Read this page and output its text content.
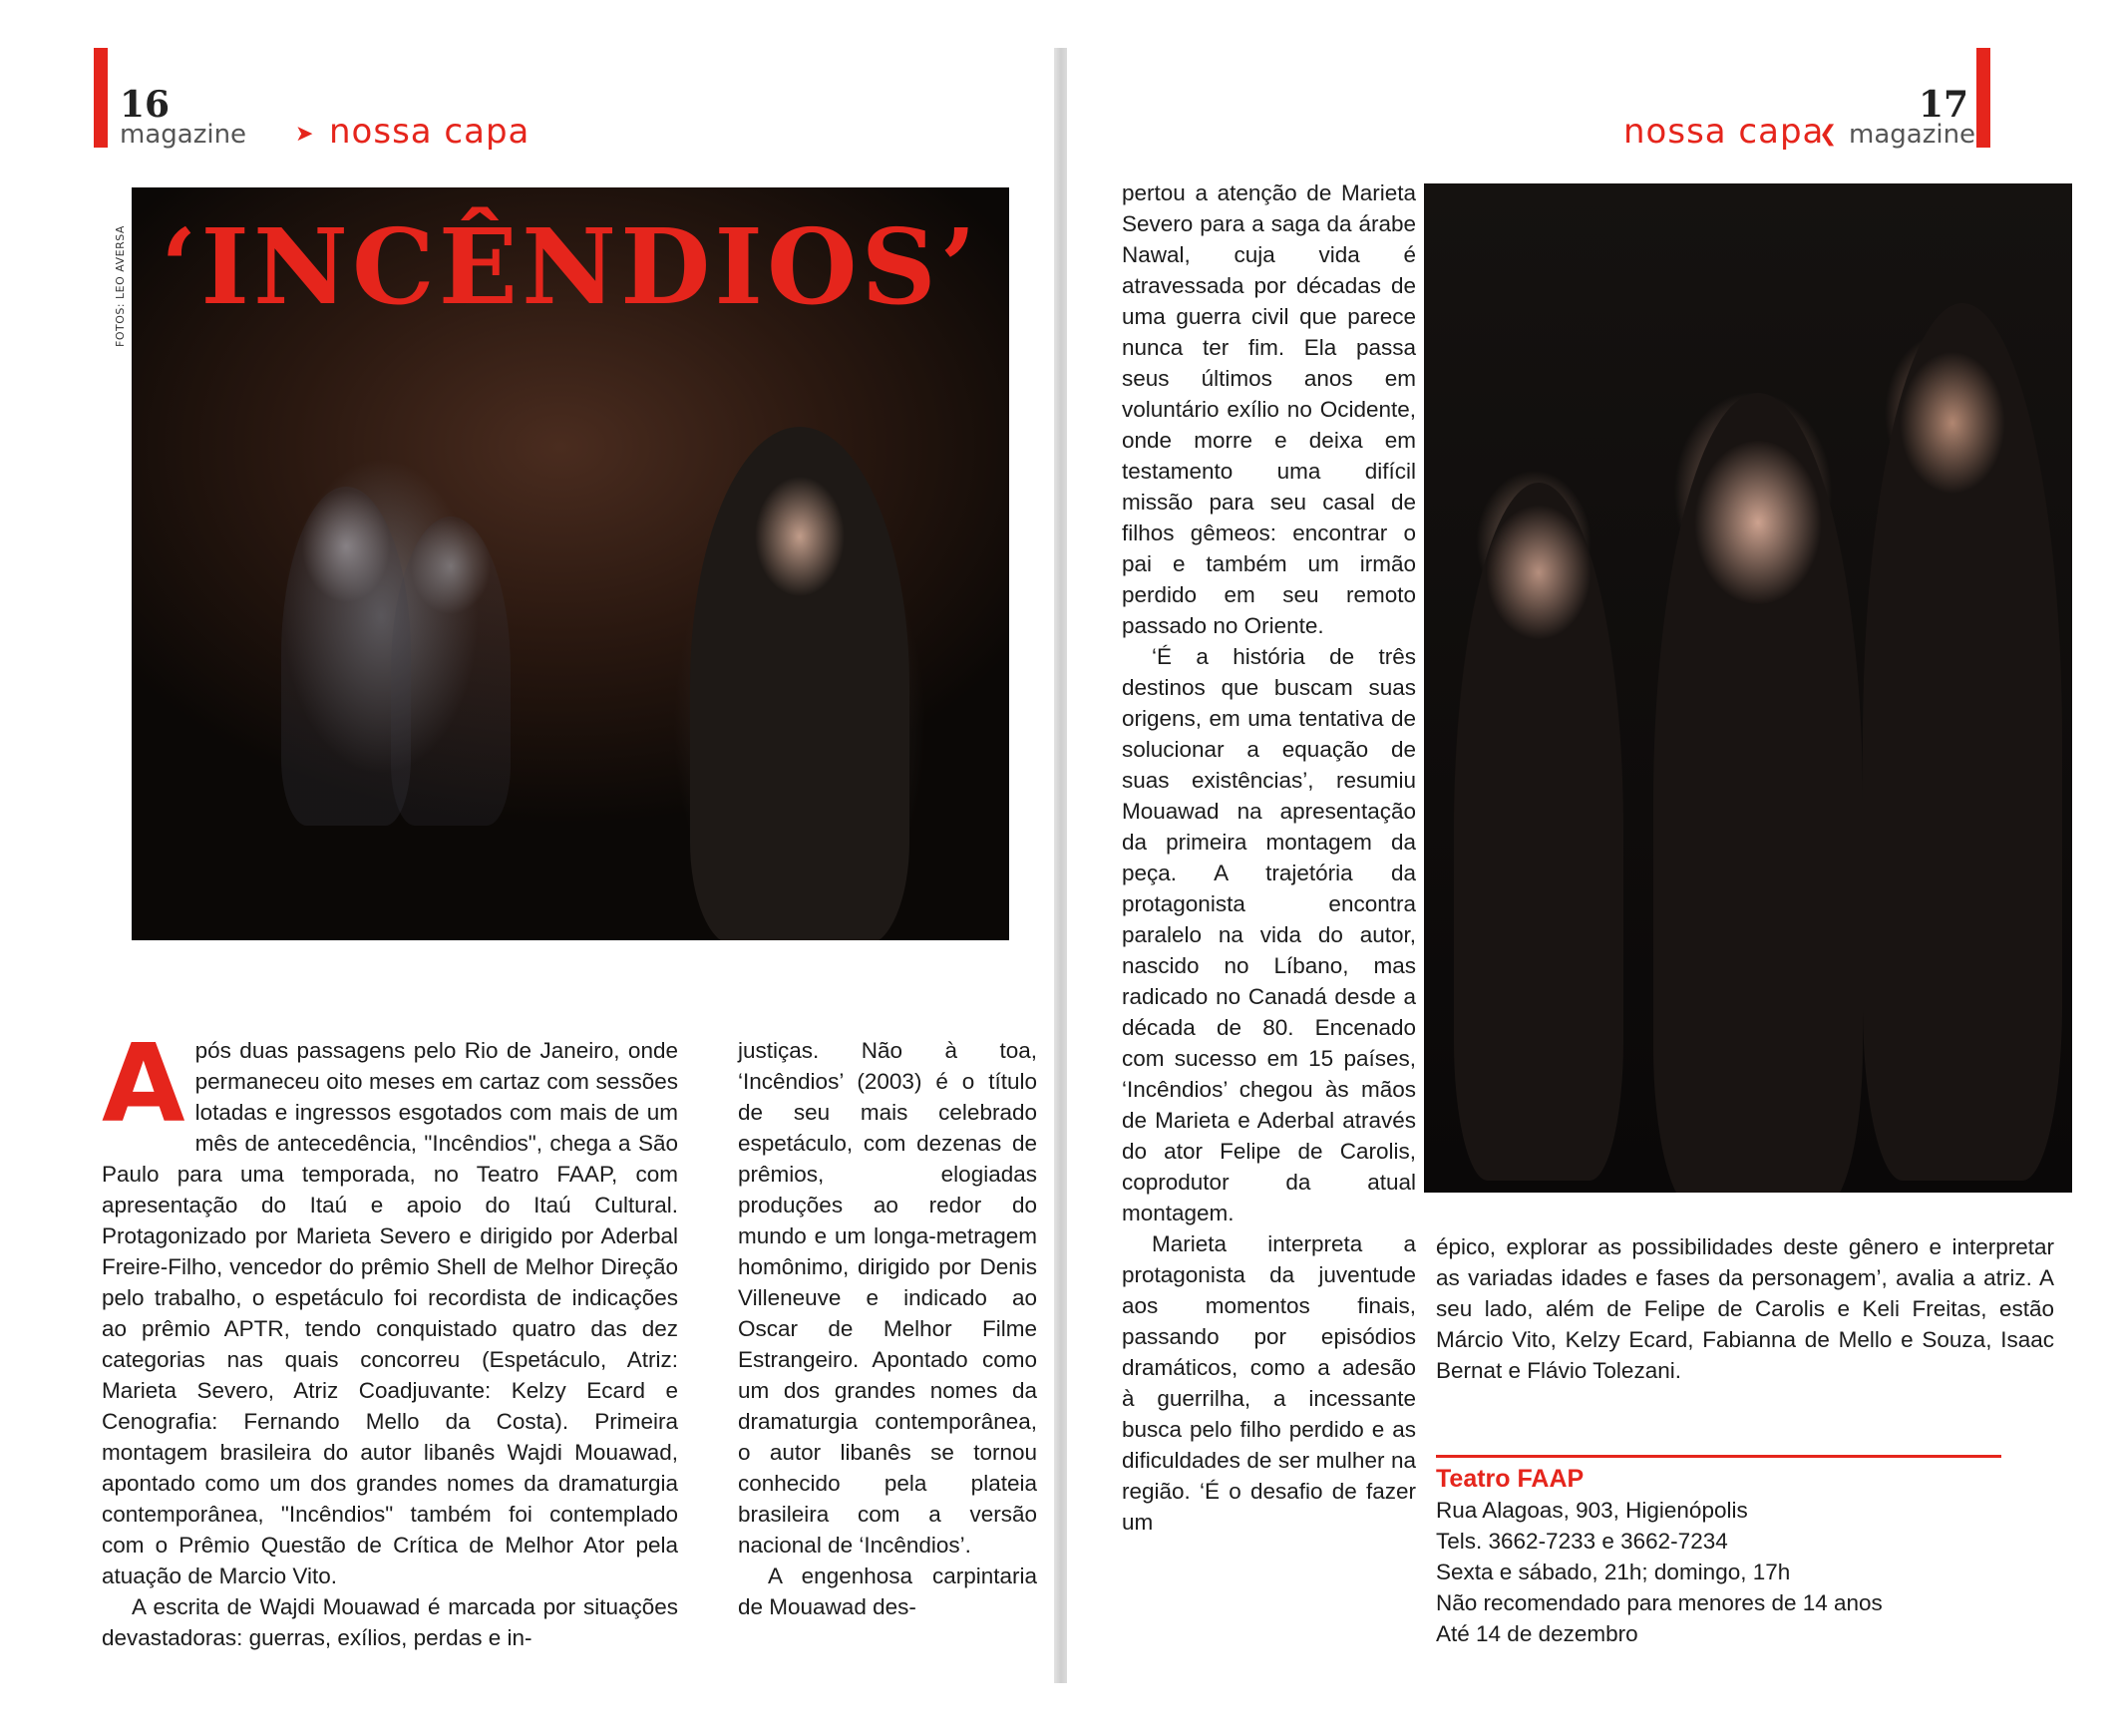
16
magazine ➤ nossa capa
FOTOS: LEO AVERSA ‘INCÊNDIOS’

Após duas passagens pelo Rio de Janeiro, onde permaneceu oito meses em cartaz com sessões lotadas e ingressos esgotados com mais de um mês de antecedência, "Incêndios", chega a São Paulo para uma temporada, no Teatro FAAP, com apresentação do Itaú e apoio do Itaú Cultural. Protagonizado por Marieta Severo e dirigido por Aderbal Freire-Filho, vencedor do prêmio Shell de Melhor Direção pelo trabalho, o espetáculo foi recordista de indicações ao prêmio APTR, tendo conquistado quatro das dez categorias nas quais concorreu (Espetáculo, Atriz: Marieta Severo, Atriz Coadjuvante: Kelzy Ecard e Cenografia: Fernando Mello da Costa). Primeira montagem brasileira do autor libanês Wajdi Mouawad, apontado como um dos grandes nomes da dramaturgia contemporânea, "Incêndios" também foi contemplado com o Prêmio Questão de Crítica de Melhor Ator pela atuação de Marcio Vito.

A escrita de Wajdi Mouawad é marcada por situações devastadoras: guerras, exílios, perdas e in-

justiças. Não à toa, ‘Incêndios’ (2003) é o título de seu mais celebrado espetáculo, com dezenas de prêmios, elogiadas produções ao redor do mundo e um longa-metragem homônimo, dirigido por Denis Villeneuve e indicado ao Oscar de Melhor Filme Estrangeiro. Apontado como um dos grandes nomes da dramaturgia contemporânea, o autor libanês se tornou conhecido pela plateia brasileira com a versão nacional de ‘Incêndios’.

A engenhosa carpintaria de Mouawad des-

17
nossa capa
❮ magazine

pertou a atenção de Marieta Severo para a saga da árabe Nawal, cuja vida é atravessada por décadas de uma guerra civil que parece nunca ter fim. Ela passa seus últimos anos em voluntário exílio no Ocidente, onde morre e deixa em testamento uma difícil missão para seu casal de filhos gêmeos: encontrar o pai e também um irmão perdido em seu remoto passado no Oriente.

‘É a história de três destinos que buscam suas origens, em uma tentativa de solucionar a equação de suas existências’, resumiu Mouawad na apresentação da primeira montagem da peça. A trajetória da protagonista encontra paralelo na vida do autor, nascido no Líbano, mas radicado no Canadá desde a década de 80. Encenado com sucesso em 15 países, ‘Incêndios’ chegou às mãos de Marieta e Aderbal através do ator Felipe de Carolis, coprodutor da atual montagem.

Marieta interpreta a protagonista da juventude aos momentos finais, passando por episódios dramáticos, como a adesão à guerrilha, a incessante busca pelo filho perdido e as dificuldades de ser mulher na região. ‘É o desafio de fazer um

épico, explorar as possibilidades deste gênero e interpretar as variadas idades e fases da personagem’, avalia a atriz. A seu lado, além de Felipe de Carolis e Keli Freitas, estão Márcio Vito, Kelzy Ecard, Fabianna de Mello e Souza, Isaac Bernat e Flávio Tolezani.

Teatro FAAP
Rua Alagoas, 903, Higienópolis
Tels. 3662-7233 e 3662-7234
Sexta e sábado, 21h; domingo, 17h
Não recomendado para menores de 14 anos
Até 14 de dezembro
